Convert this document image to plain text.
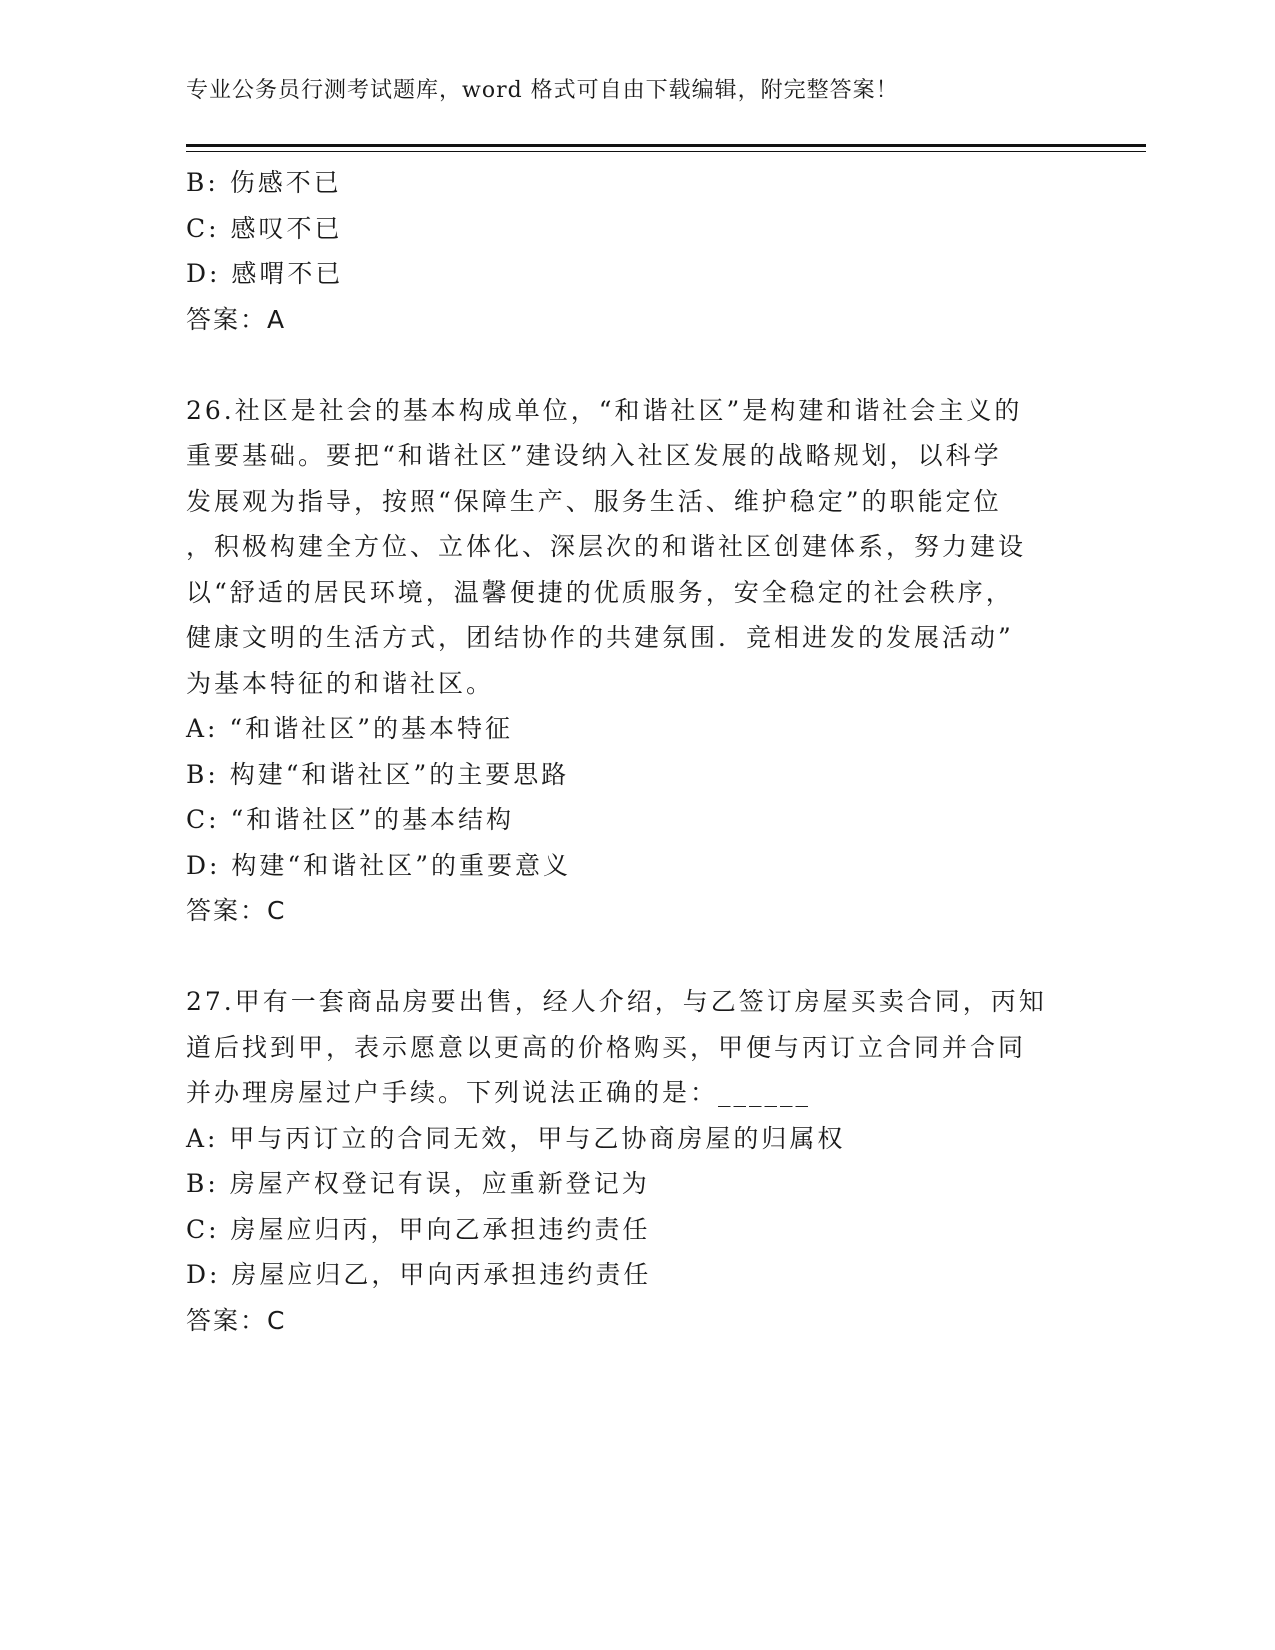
专业公务员行测考试题库，word 格式可自由下载编辑，附完整答案！
B: 伤感不已
C: 感叹不已
D: 感喟不已
答案：A
26.社区是社会的基本构成单位，“和谐社区”是构建和谐社会主义的
重要基础。要把“和谐社区”建设纳入社区发展的战略规划，以科学
发展观为指导，按照“保障生产、服务生活、维护稳定”的职能定位
，积极构建全方位、立体化、深层次的和谐社区创建体系，努力建设
以“舒适的居民环境，温馨便捷的优质服务，安全稳定的社会秩序，
健康文明的生活方式，团结协作的共建氛围．竞相进发的发展活动”
为基本特征的和谐社区。
A: “和谐社区”的基本特征
B: 构建“和谐社区”的主要思路
C: “和谐社区”的基本结构
D: 构建“和谐社区”的重要意义
答案：C
27.甲有一套商品房要出售，经人介绍，与乙签订房屋买卖合同，丙知
道后找到甲，表示愿意以更高的价格购买，甲便与丙订立合同并合同
并办理房屋过户手续。下列说法正确的是：______
A: 甲与丙订立的合同无效，甲与乙协商房屋的归属权
B: 房屋产权登记有误，应重新登记为
C: 房屋应归丙，甲向乙承担违约责任
D: 房屋应归乙，甲向丙承担违约责任
答案：C
